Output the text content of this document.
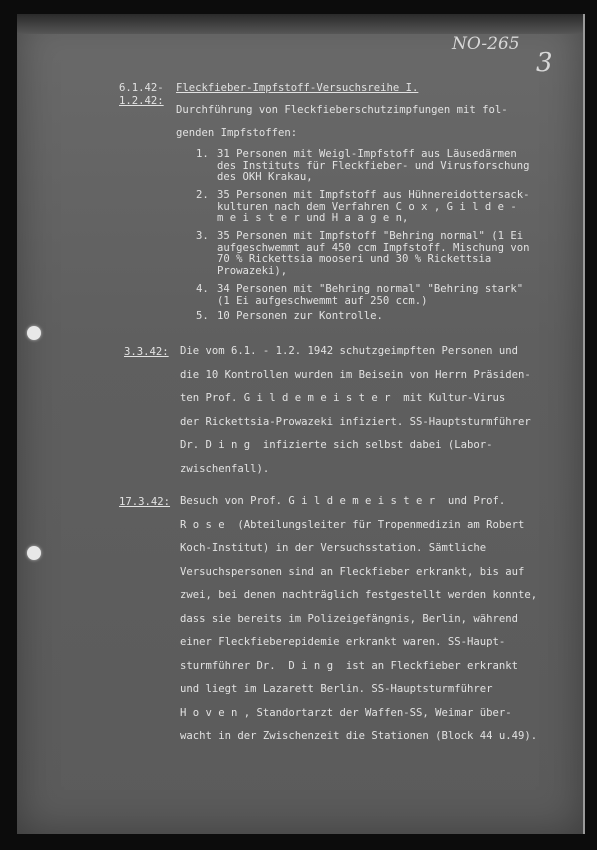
NO-265
3
6.1.42-
1.2.42:
Fleckfieber-Impfstoff-Versuchsreihe I.
Durchführung von Fleckfieberschutzimpfungen mit fol-
genden Impfstoffen:
1. 31 Personen mit Weigl-Impfstoff aus Läusedärmen
des Instituts für Fleckfieber- und Virusforschung
des OKH Krakau,
2. 35 Personen mit Impfstoff aus Hühnereidottersack-
kulturen nach dem Verfahren C o x , G i l d e -
m e i s t e r und H a a g e n,
3. 35 Personen mit Impfstoff "Behring normal" (1 Ei
aufgeschwemmt auf 450 ccm Impfstoff. Mischung von
70 % Rickettsia mooseri und 30 % Rickettsia
Prowazeki),
4. 34 Personen mit "Behring normal" "Behring stark"
(1 Ei aufgeschwemmt auf 250 ccm.)
5. 10 Personen zur Kontrolle.
3.3.42: Die vom 6.1. - 1.2. 1942 schutzgeimpften Personen und
die 10 Kontrollen wurden im Beisein von Herrn Präsiden-
ten Prof. G i l d e m e i s t e r  mit Kultur-Virus
der Rickettsia-Prowazeki infiziert. SS-Hauptsturmführer
Dr. D i n g  infizierte sich selbst dabei (Labor-
zwischenfall).
17.3.42: Besuch von Prof. G i l d e m e i s t e r  und Prof.
R o s e  (Abteilungsleiter für Tropenmedizin am Robert
Koch-Institut) in der Versuchsstation. Sämtliche
Versuchspersonen sind an Fleckfieber erkrankt, bis auf
zwei, bei denen nachträglich festgestellt werden konnte,
dass sie bereits im Polizeigefängnis, Berlin, während
einer Fleckfieberepidemie erkrankt waren. SS-Haupt-
sturmführer Dr.  D i n g  ist an Fleckfieber erkrankt
und liegt im Lazarett Berlin. SS-Hauptsturmführer
H o v e n , Standortarzt der Waffen-SS, Weimar über-
wacht in der Zwischenzeit die Stationen (Block 44 u.49).
